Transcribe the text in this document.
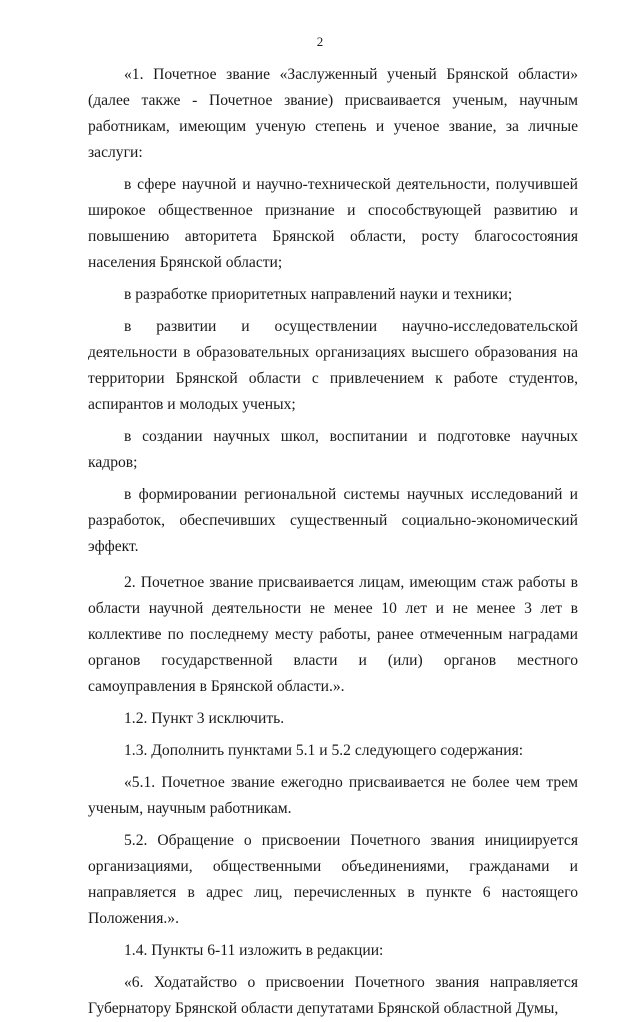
2

«1. Почетное звание «Заслуженный ученый Брянской области» (далее также - Почетное звание) присваивается ученым, научным работникам, имеющим ученую степень и ученое звание, за личные заслуги:

в сфере научной и научно-технической деятельности, получившей широкое общественное признание и способствующей развитию и повышению авторитета Брянской области, росту благосостояния населения Брянской области;

в разработке приоритетных направлений науки и техники;

в развитии и осуществлении научно-исследовательской деятельности в образовательных организациях высшего образования на территории Брянской области с привлечением к работе студентов, аспирантов и молодых ученых;

в создании научных школ, воспитании и подготовке научных кадров;

в формировании региональной системы научных исследований и разработок, обеспечивших существенный социально-экономический эффект.

2. Почетное звание присваивается лицам, имеющим стаж работы в области научной деятельности не менее 10 лет и не менее 3 лет в коллективе по последнему месту работы, ранее отмеченным наградами органов государственной власти и (или) органов местного самоуправления в Брянской области.».

1.2. Пункт 3 исключить.

1.3. Дополнить пунктами 5.1 и 5.2 следующего содержания:

«5.1. Почетное звание ежегодно присваивается не более чем трем ученым, научным работникам.

5.2. Обращение о присвоении Почетного звания инициируется организациями, общественными объединениями, гражданами и направляется в адрес лиц, перечисленных в пункте 6 настоящего Положения.».

1.4. Пункты 6-11 изложить в редакции:

«6. Ходатайство о присвоении Почетного звания направляется Губернатору Брянской области депутатами Брянской областной Думы,
